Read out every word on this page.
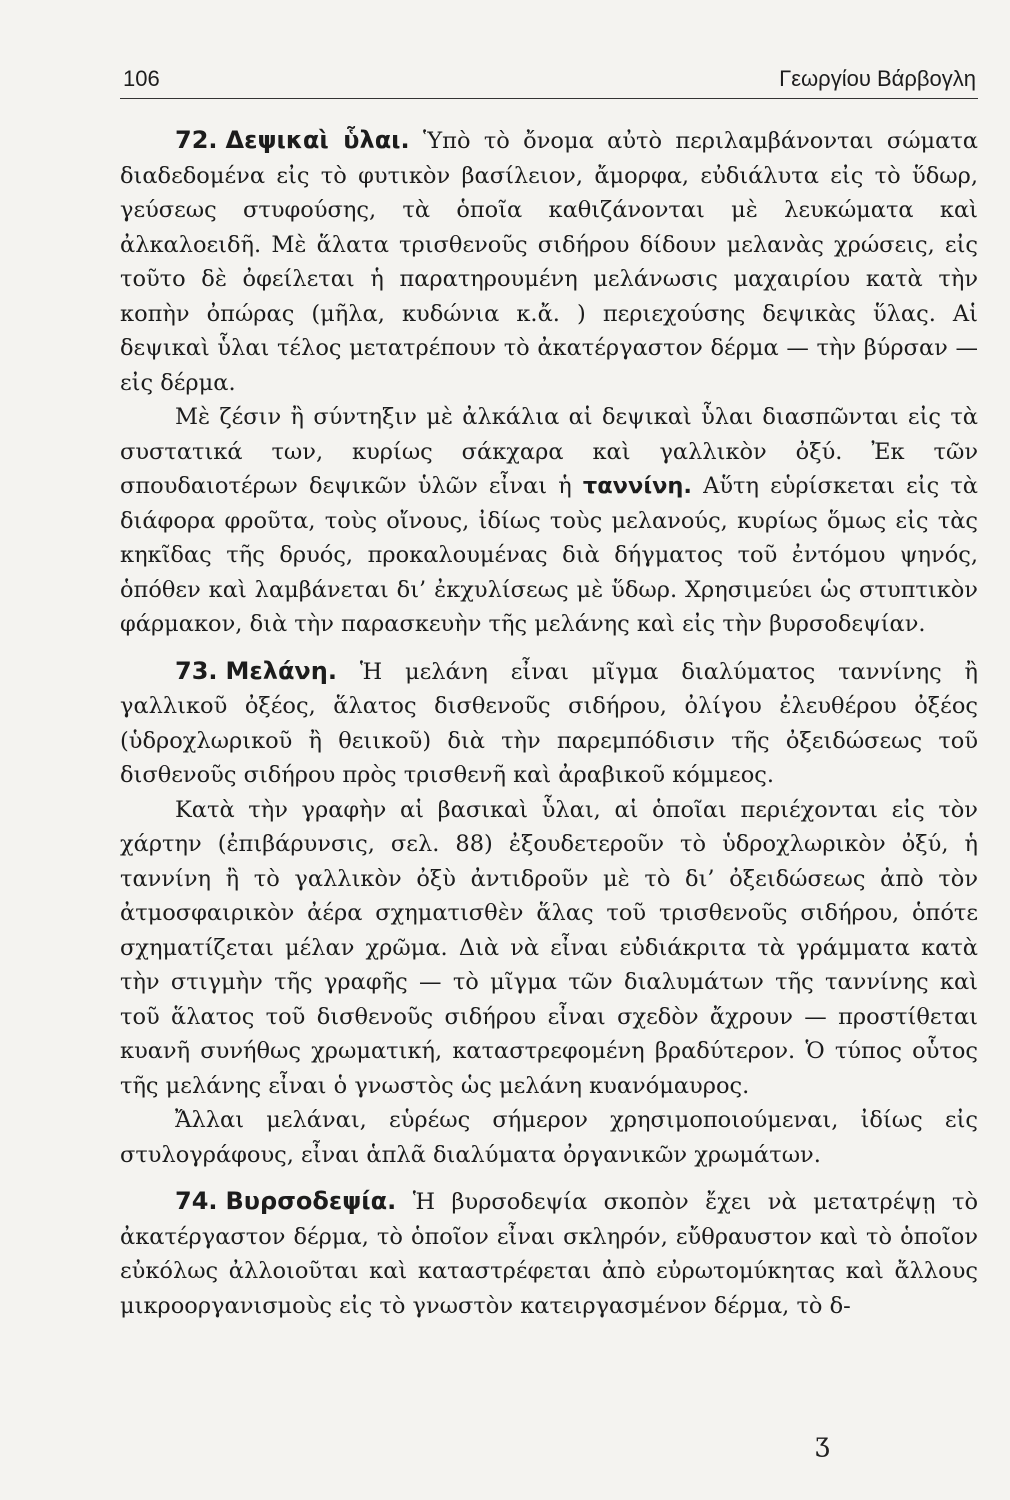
106	Γεωργίου Βάρβογλη

72. Δεψικαὶ ὗλαι. Ὑπὸ τὸ ὄνομα αὐτὸ περιλαμβάνονται σώματα διαδεδομένα εἰς τὸ φυτικὸν βασίλειον, ἄμορφα, εὐδιάλυτα εἰς τὸ ὕδωρ, γεύσεως στυφούσης, τὰ ὁποῖα καθιζάνονται μὲ λευκώματα καὶ ἀλκαλοειδῆ. Μὲ ἅλατα τρισθενοῦς σιδήρου δίδουν μελανὰς χρώσεις, εἰς τοῦτο δὲ ὀφείλεται ἡ παρατηρουμένη μελάνωσις μαχαιρίου κατὰ τὴν κοπὴν ὀπώρας (μῆλα, κυδώνια κ.ἄ. ) περιεχούσης δεψικὰς ὕλας. Αἱ δεψικαὶ ὗλαι τέλος μετατρέπουν τὸ ἀκατέργαστον δέρμα — τὴν βύρσαν — εἰς δέρμα.

Μὲ ζέσιν ἢ σύντηξιν μὲ ἀλκάλια αἱ δεψικαὶ ὗλαι διασπῶνται εἰς τὰ συστατικά των, κυρίως σάκχαρα καὶ γαλλικὸν ὀξύ. Ἐκ τῶν σπουδαιοτέρων δεψικῶν ὑλῶν εἶναι ἡ ταννίνη. Αὕτη εὑρίσκεται εἰς τὰ διάφορα φροῦτα, τοὺς οἴνους, ἰδίως τοὺς μελανούς, κυρίως ὅμως εἰς τὰς κηκῖδας τῆς δρυός, προκαλουμένας διὰ δήγματος τοῦ ἐντόμου ψηνός, ὁπόθεν καὶ λαμβάνεται δι’ ἐκχυλίσεως μὲ ὕδωρ. Χρησιμεύει ὡς στυπτικὸν φάρμακον, διὰ τὴν παρασκευὴν τῆς μελάνης καὶ εἰς τὴν βυρσοδεψίαν.

73. Μελάνη. Ἡ μελάνη εἶναι μῖγμα διαλύματος ταννίνης ἢ γαλλικοῦ ὀξέος, ἅλατος δισθενοῦς σιδήρου, ὀλίγου ἐλευθέρου ὀξέος (ὑδροχλωρικοῦ ἢ θειικοῦ) διὰ τὴν παρεμπόδισιν τῆς ὀξειδώσεως τοῦ δισθενοῦς σιδήρου πρὸς τρισθενῆ καὶ ἀραβικοῦ κόμμεος.

Κατὰ τὴν γραφὴν αἱ βασικαὶ ὗλαι, αἱ ὁποῖαι περιέχονται εἰς τὸν χάρτην (ἐπιβάρυνσις, σελ. 88) ἐξουδετεροῦν τὸ ὑδροχλωρικὸν ὀξύ, ἡ ταννίνη ἢ τὸ γαλλικὸν ὀξὺ ἀντιδροῦν μὲ τὸ δι’ ὀξειδώσεως ἀπὸ τὸν ἀτμοσφαιρικὸν ἀέρα σχηματισθὲν ἅλας τοῦ τρισθενοῦς σιδήρου, ὁπότε σχηματίζεται μέλαν χρῶμα. Διὰ νὰ εἶναι εὐδιάκριτα τὰ γράμματα κατὰ τὴν στιγμὴν τῆς γραφῆς — τὸ μῖγμα τῶν διαλυμάτων τῆς ταννίνης καὶ τοῦ ἅλατος τοῦ δισθενοῦς σιδήρου εἶναι σχεδὸν ἄχρουν — προστίθεται κυανῆ συνήθως χρωματική, καταστρεφομένη βραδύτερον. Ὁ τύπος οὗτος τῆς μελάνης εἶναι ὁ γνωστὸς ὡς μελάνη κυανόμαυρος.

Ἄλλαι μελάναι, εὑρέως σήμερον χρησιμοποιούμεναι, ἰδίως εἰς στυλογράφους, εἶναι ἁπλᾶ διαλύματα ὀργανικῶν χρωμάτων.

74. Βυρσοδεψία. Ἡ βυρσοδεψία σκοπὸν ἔχει νὰ μετατρέψῃ τὸ ἀκατέργαστον δέρμα, τὸ ὁποῖον εἶναι σκληρόν, εὔθραυστον καὶ τὸ ὁποῖον εὐκόλως ἀλλοιοῦται καὶ καταστρέφεται ἀπὸ εὐρωτομύκητας καὶ ἄλλους μικροοργανισμοὺς εἰς τὸ γνωστὸν κατειργασμένον δέρμα, τὸ δ-

ʒ
